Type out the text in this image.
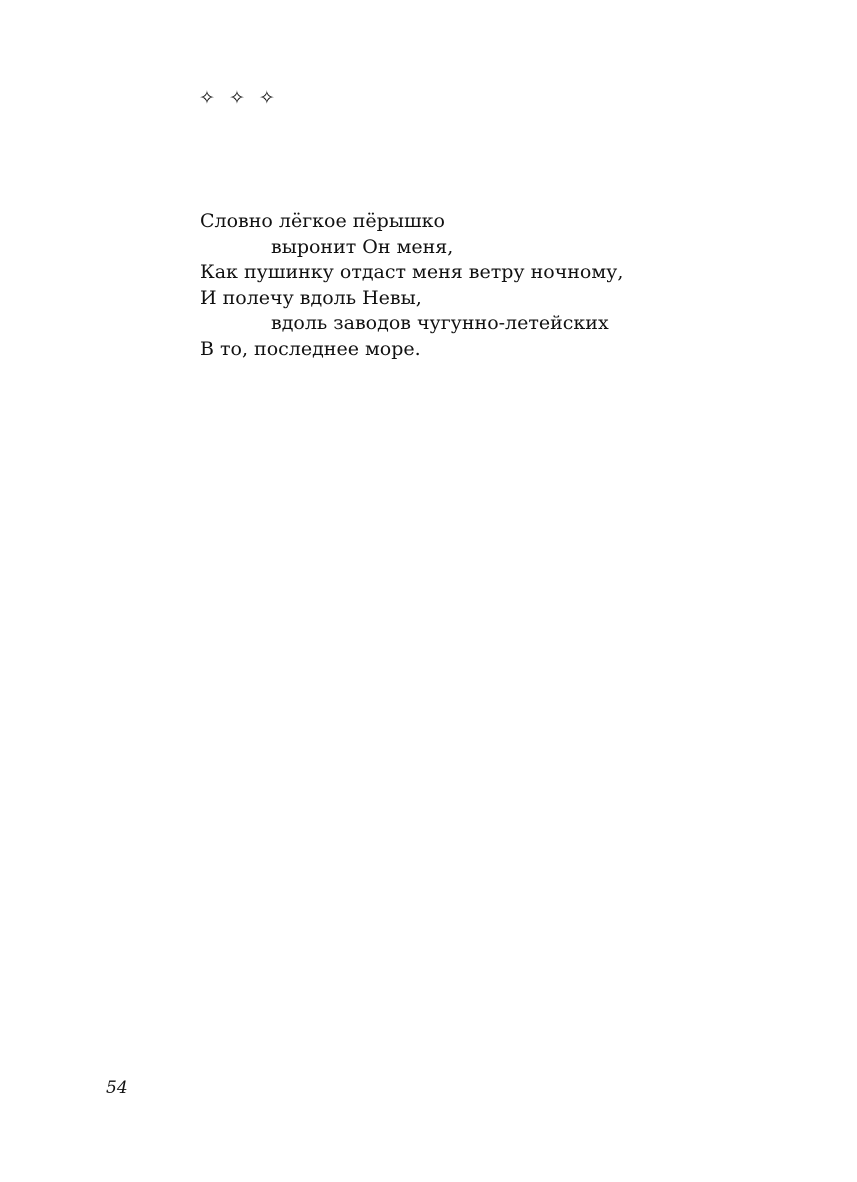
✧ ✧ ✧
Словно лёгкое пёрышко
выронит Он меня,
Как пушинку отдаст меня ветру ночному,
И полечу вдоль Невы,
вдоль заводов чугунно-летейских
В то, последнее море.
54
